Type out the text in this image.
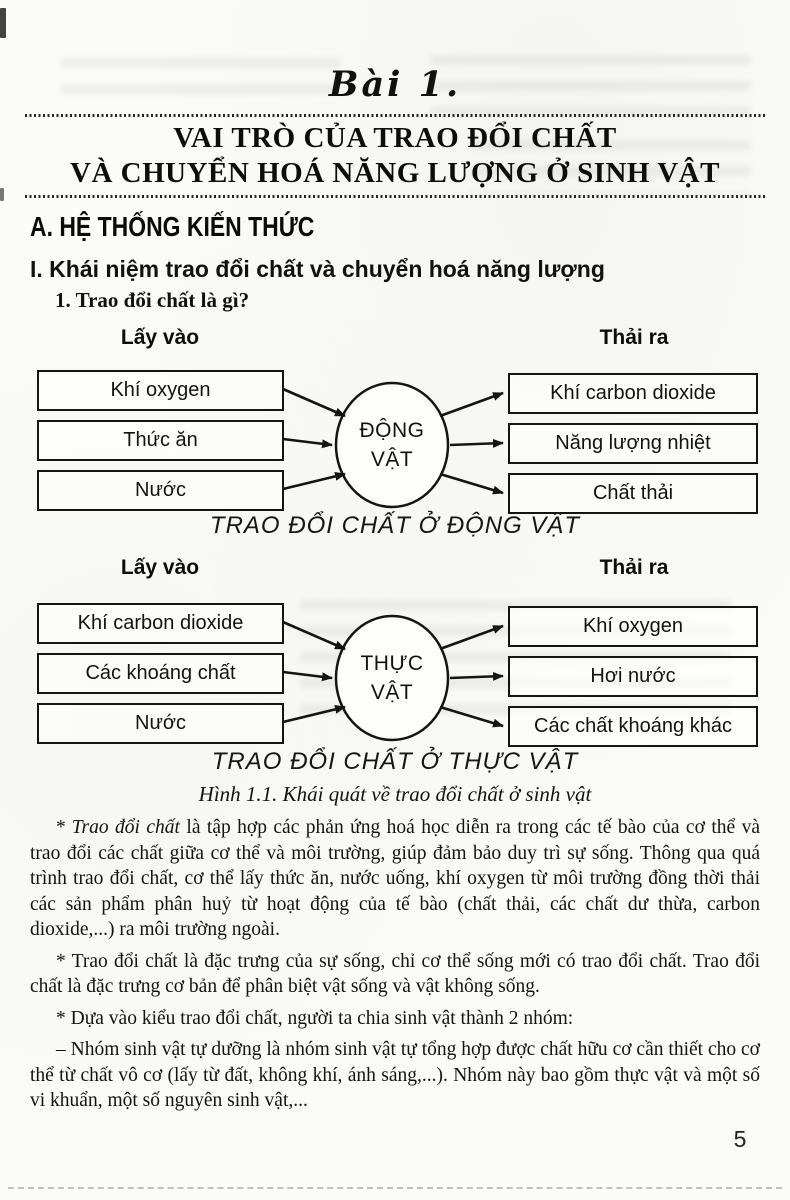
Bài 1.
VAI TRÒ CỦA TRAO ĐỔI CHẤT
VÀ CHUYỂN HOÁ NĂNG LƯỢNG Ở SINH VẬT
A. HỆ THỐNG KIẾN THỨC
I. Khái niệm trao đổi chất và chuyển hoá năng lượng
1. Trao đổi chất là gì?
Lấy vào	Thải ra
Khí oxygen
Thức ăn
Nước
Khí carbon dioxide
Năng lượng nhiệt
Chất thải
ĐỘNG
VẬT
TRAO ĐỔI CHẤT Ở ĐỘNG VẬT
Lấy vào	Thải ra
Khí carbon dioxide
Các khoáng chất
Nước
Khí oxygen
Hơi nước
Các chất khoáng khác
THỰC
VẬT
TRAO ĐỔI CHẤT Ở THỰC VẬT
Hình 1.1. Khái quát về trao đổi chất ở sinh vật

* Trao đổi chất là tập hợp các phản ứng hoá học diễn ra trong các tế bào của cơ thể và trao đổi các chất giữa cơ thể và môi trường, giúp đảm bảo duy trì sự sống. Thông qua quá trình trao đổi chất, cơ thể lấy thức ăn, nước uống, khí oxygen từ môi trường đồng thời thải các sản phẩm phân huỷ từ hoạt động của tế bào (chất thải, các chất dư thừa, carbon dioxide,...) ra môi trường ngoài.

* Trao đổi chất là đặc trưng của sự sống, chỉ cơ thể sống mới có trao đổi chất. Trao đổi chất là đặc trưng cơ bản để phân biệt vật sống và vật không sống.

* Dựa vào kiểu trao đổi chất, người ta chia sinh vật thành 2 nhóm:

– Nhóm sinh vật tự dưỡng là nhóm sinh vật tự tổng hợp được chất hữu cơ cần thiết cho cơ thể từ chất vô cơ (lấy từ đất, không khí, ánh sáng,...). Nhóm này bao gồm thực vật và một số vi khuẩn, một số nguyên sinh vật,...

5
